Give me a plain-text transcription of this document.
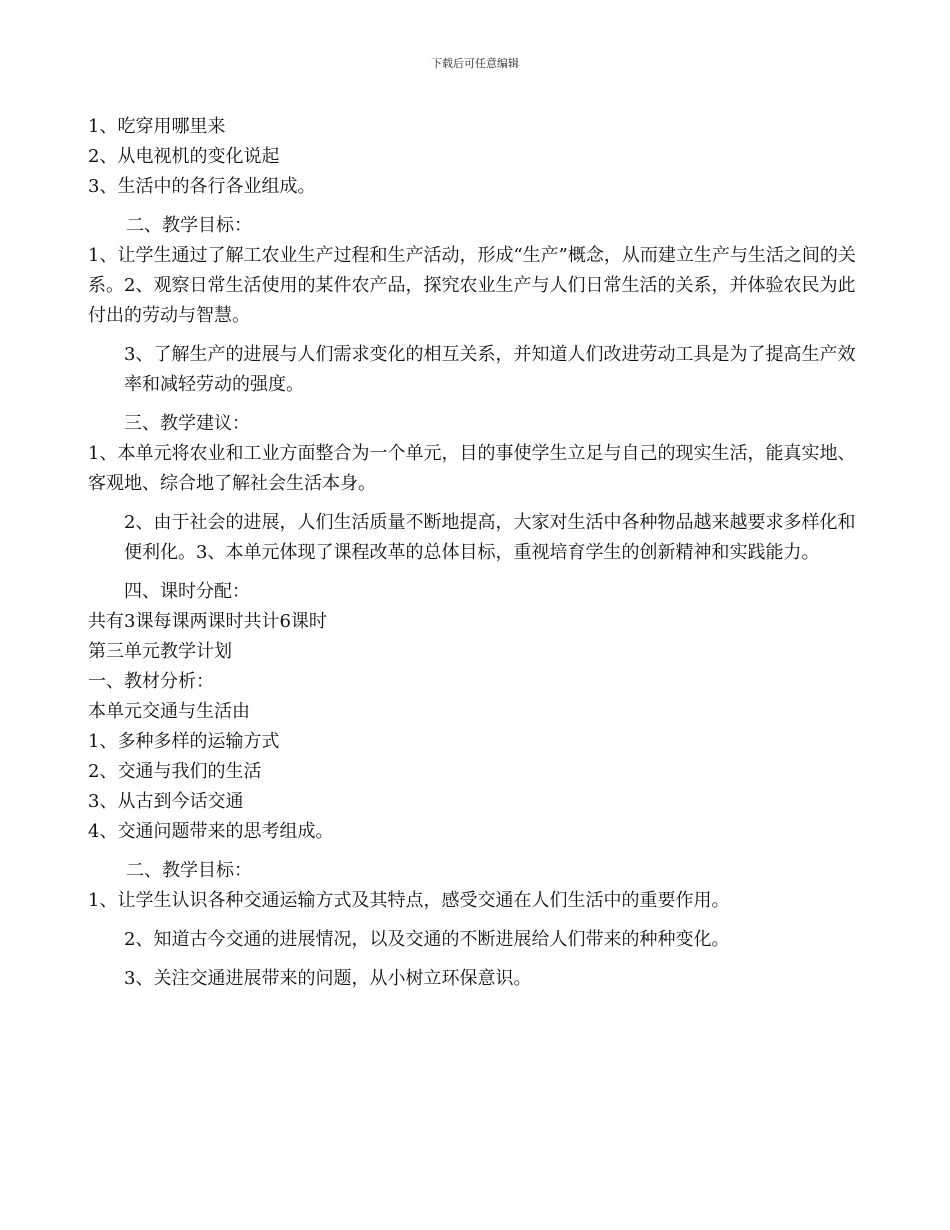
下载后可任意编辑
1、吃穿用哪里来
2、从电视机的变化说起
3、生活中的各行各业组成。
二、教学目标：

1、让学生通过了解工农业生产过程和生产活动，形成“生产”概念，从而建立生产与生活之间的关系。2、观察日常生活使用的某件农产品，探究农业生产与人们日常生活的关系，并体验农民为此付出的劳动与智慧。

3、了解生产的进展与人们需求变化的相互关系，并知道人们改进劳动工具是为了提高生产效率和减轻劳动的强度。

三、教学建议：

1、本单元将农业和工业方面整合为一个单元，目的事使学生立足与自己的现实生活，能真实地、客观地、综合地了解社会生活本身。

2、由于社会的进展，人们生活质量不断地提高，大家对生活中各种物品越来越要求多样化和便利化。3、本单元体现了课程改革的总体目标，重视培育学生的创新精神和实践能力。

四、课时分配：
共有3课每课两课时共计6课时
第三单元教学计划
一、教材分析：
本单元交通与生活由
1、多种多样的运输方式
2、交通与我们的生活
3、从古到今话交通
4、交通问题带来的思考组成。
二、教学目标：
1、让学生认识各种交通运输方式及其特点，感受交通在人们生活中的重要作用。
2、知道古今交通的进展情况，以及交通的不断进展给人们带来的种种变化。
3、关注交通进展带来的问题，从小树立环保意识。
